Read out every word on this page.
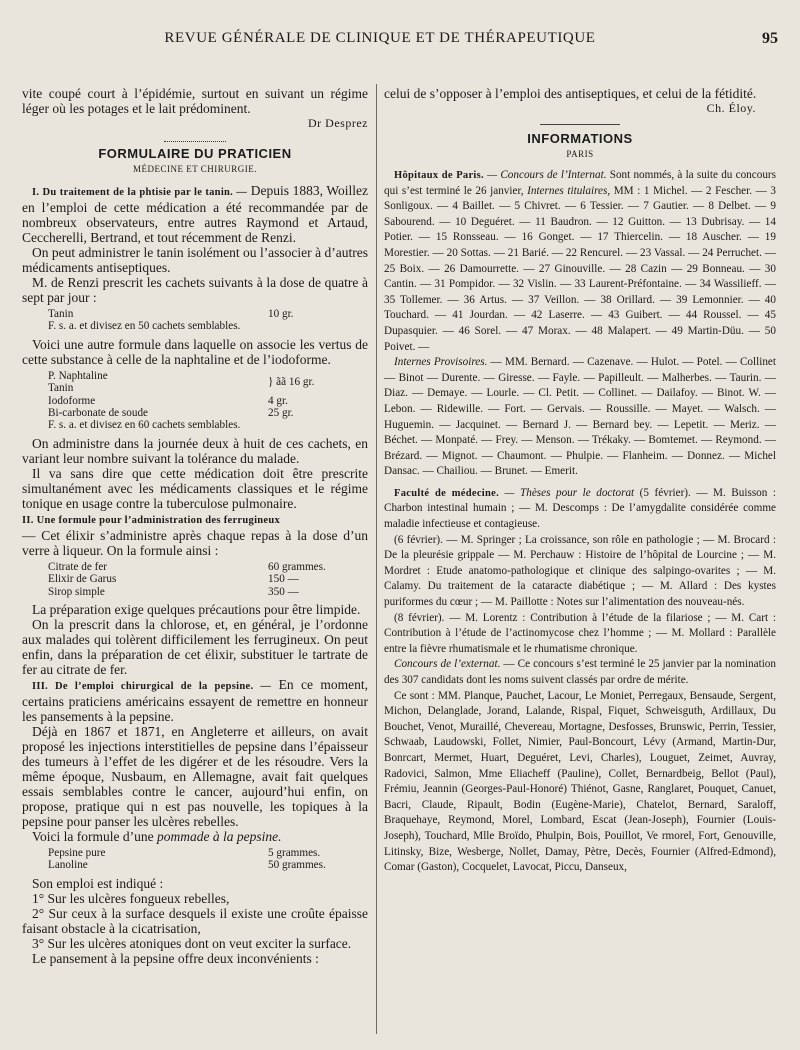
REVUE GÉNÉRALE DE CLINIQUE ET DE THÉRAPEUTIQUE	95

vite coupé court à l’épidémie, surtout en suivant un régime léger où les potages et le lait prédominent.

Dr Desprez
FORMULAIRE DU PRATICIEN
MÉDECINE ET CHIRURGIE.

I. Du traitement de la phtisie par le tanin. — Depuis 1883, Woillez en l’emploi de cette médication a été recommandée par de nombreux observateurs, entre autres Raymond et Artaud, Ceccherelli, Bertrand, et tout récemment de Renzi.

On peut administrer le tanin isolément ou l’associer à d’autres médicaments antiseptiques.

M. de Renzi prescrit les cachets suivants à la dose de quatre à sept par jour :

Tanin	10 gr.
F. s. a. et divisez en 50 cachets semblables.

Voici une autre formule dans laquelle on associe les vertus de cette substance à celle de la naphtaline et de l’iodoforme.

P. Naphtaline
Tanin
} ãã 16 gr.
Iodoforme	4 gr.
Bi-carbonate de soude	25 gr.
F. s. a. et divisez en 60 cachets semblables.

On administre dans la journée deux à huit de ces cachets, en variant leur nombre suivant la tolérance du malade.

Il va sans dire que cette médication doit être prescrite simultanément avec les médicaments classiques et le régime tonique en usage contre la tuberculose pulmonaire.

II. Une formule pour l’administration des ferrugineux

— Cet élixir s’administre après chaque repas à la dose d’un verre à liqueur. On la formule ainsi :

Citrate de fer	60 grammes.
Elixir de Garus	150 —
Sirop simple	350 —

La préparation exige quelques précautions pour être limpide.

On la prescrit dans la chlorose, et, en général, je l’ordonne aux malades qui tolèrent difficilement les ferrugineux. On peut enfin, dans la préparation de cet élixir, substituer le tartrate de fer au citrate de fer.

III. De l’emploi chirurgical de la pepsine. — En ce moment, certains praticiens américains essayent de remettre en honneur les pansements à la pepsine.

Déjà en 1867 et 1871, en Angleterre et ailleurs, on avait proposé les injections interstitielles de pepsine dans l’épaisseur des tumeurs à l’effet de les digérer et de les résoudre. Vers la même époque, Nusbaum, en Allemagne, avait fait quelques essais semblables contre le cancer, aujourd’hui enfin, on propose, pratique qui n est pas nouvelle, les topiques à la pepsine pour panser les ulcères rebelles.

Voici la formule d’une pommade à la pepsine.

Pepsine pure	5 grammes.
Lanoline	50 grammes.

Son emploi est indiqué :

1° Sur les ulcères fongueux rebelles,

2° Sur ceux à la surface desquels il existe une croûte épaisse faisant obstacle à la cicatrisation,

3° Sur les ulcères atoniques dont on veut exciter la surface.

Le pansement à la pepsine offre deux inconvénients :

celui de s’opposer à l’emploi des antiseptiques, et celui de la fétidité.

Ch. Éloy.
INFORMATIONS
PARIS

Hôpitaux de Paris. — Concours de l’Internat. Sont nommés, à la suite du concours qui s’est terminé le 26 janvier, Internes titulaires, MM : 1 Michel. — 2 Fescher. — 3 Sonligoux. — 4 Baillet. — 5 Chivret. — 6 Tessier. — 7 Gautier. — 8 Delbet. — 9 Sabourend. — 10 Deguéret. — 11 Baudron. — 12 Guitton. — 13 Dubrisay. — 14 Potier. — 15 Ronsseau. — 16 Gonget. — 17 Thiercelin. — 18 Auscher. — 19 Morestier. — 20 Sottas. — 21 Barié. — 22 Rencurel. — 23 Vassal. — 24 Perruchet. — 25 Boix. — 26 Damourrette. — 27 Ginouville. — 28 Cazin — 29 Bonneau. — 30 Cantin. — 31 Pompidor. — 32 Vislin. — 33 Laurent-Préfontaine. — 34 Wassilieff. — 35 Tollemer. — 36 Artus. — 37 Veillon. — 38 Orillard. — 39 Lemonnier. — 40 Touchard. — 41 Jourdan. — 42 Laserre. — 43 Guibert. — 44 Roussel. — 45 Dupasquier. — 46 Sorel. — 47 Morax. — 48 Malapert. — 49 Martin-Düu. — 50 Poivet. —

Internes Provisoires. — MM. Bernard. — Cazenave. — Hulot. — Potel. — Collinet — Binot — Durente. — Giresse. — Fayle. — Papilleult. — Malherbes. — Taurin. — Diaz. — Demaye. — Lourle. — Cl. Petit. — Collinet. — Dailafoy. — Binot. W. — Lebon. — Ridewille. — Fort. — Gervais. — Roussille. — Mayet. — Walsch. — Huguemin. — Jacquinet. — Bernard J. — Bernard bey. — Lepetit. — Meriz. — Béchet. — Monpaté. — Frey. — Menson. — Trékaky. — Bomtemet. — Reymond. — Brézard. — Mignot. — Chaumont. — Phulpie. — Flanheim. — Donnez. — Michel Dansac. — Chailiou. — Brunet. — Emerit.

Faculté de médecine. — Thèses pour le doctorat (5 février). — M. Buisson : Charbon intestinal humain ; — M. Descomps : De l’amygdalite considérée comme maladie infectieuse et contagieuse.

(6 février). — M. Springer ; La croissance, son rôle en pathologie ; — M. Brocard : De la pleurésie grippale — M. Perchauw : Histoire de l’hôpital de Lourcine ; — M. Mordret : Etude anatomo-pathologique et clinique des salpingo-ovarites ; — M. Calamy. Du traitement de la cataracte diabétique ; — M. Allard : Des kystes puriformes du cœur ; — M. Paillotte : Notes sur l’alimentation des nouveau-nés.

(8 février). — M. Lorentz : Contribution à l’étude de la filariose ; — M. Cart : Contribution à l’étude de l’actinomycose chez l’homme ; — M. Mollard : Parallèle entre la fièvre rhumatismale et le rhumatisme chronique.

Concours de l’externat. — Ce concours s’est terminé le 25 janvier par la nomination des 307 candidats dont les noms suivent classés par ordre de mérite.

Ce sont : MM. Planque, Pauchet, Lacour, Le Moniet, Perregaux, Bensaude, Sergent, Michon, Delanglade, Jorand, Lalande, Rispal, Fiquet, Schweisguth, Ardillaux, Du Bouchet, Venot, Muraillé, Chevereau, Mortagne, Desfosses, Brunswic, Perrin, Tessier, Schwaab, Laudowski, Follet, Nimier, Paul-Boncourt, Lévy (Armand, Martin-Dur, Bonrcart, Mermet, Huart, Deguéret, Levi, Charles), Louguet, Zeimet, Auvray, Radovici, Salmon, Mme Eliacheff (Pauline), Collet, Bernardbeig, Bellot (Paul), Frémiu, Jeannin (Georges-Paul-Honoré) Thiénot, Gasne, Ranglaret, Pouquet, Canuet, Bacri, Claude, Ripault, Bodin (Eugène-Marie), Chatelot, Bernard, Saraloff, Braquehaye, Reymond, Morel, Lombard, Escat (Jean-Joseph), Fournier (Louis-Joseph), Touchard, Mlle Broïdo, Phulpin, Bois, Pouillot, Ve rmorel, Fort, Genouville, Litinsky, Bize, Wesberge, Nollet, Damay, Pètre, Decès, Fournier (Alfred-Edmond), Comar (Gaston), Cocquelet, Lavocat, Piccu, Danseux,
